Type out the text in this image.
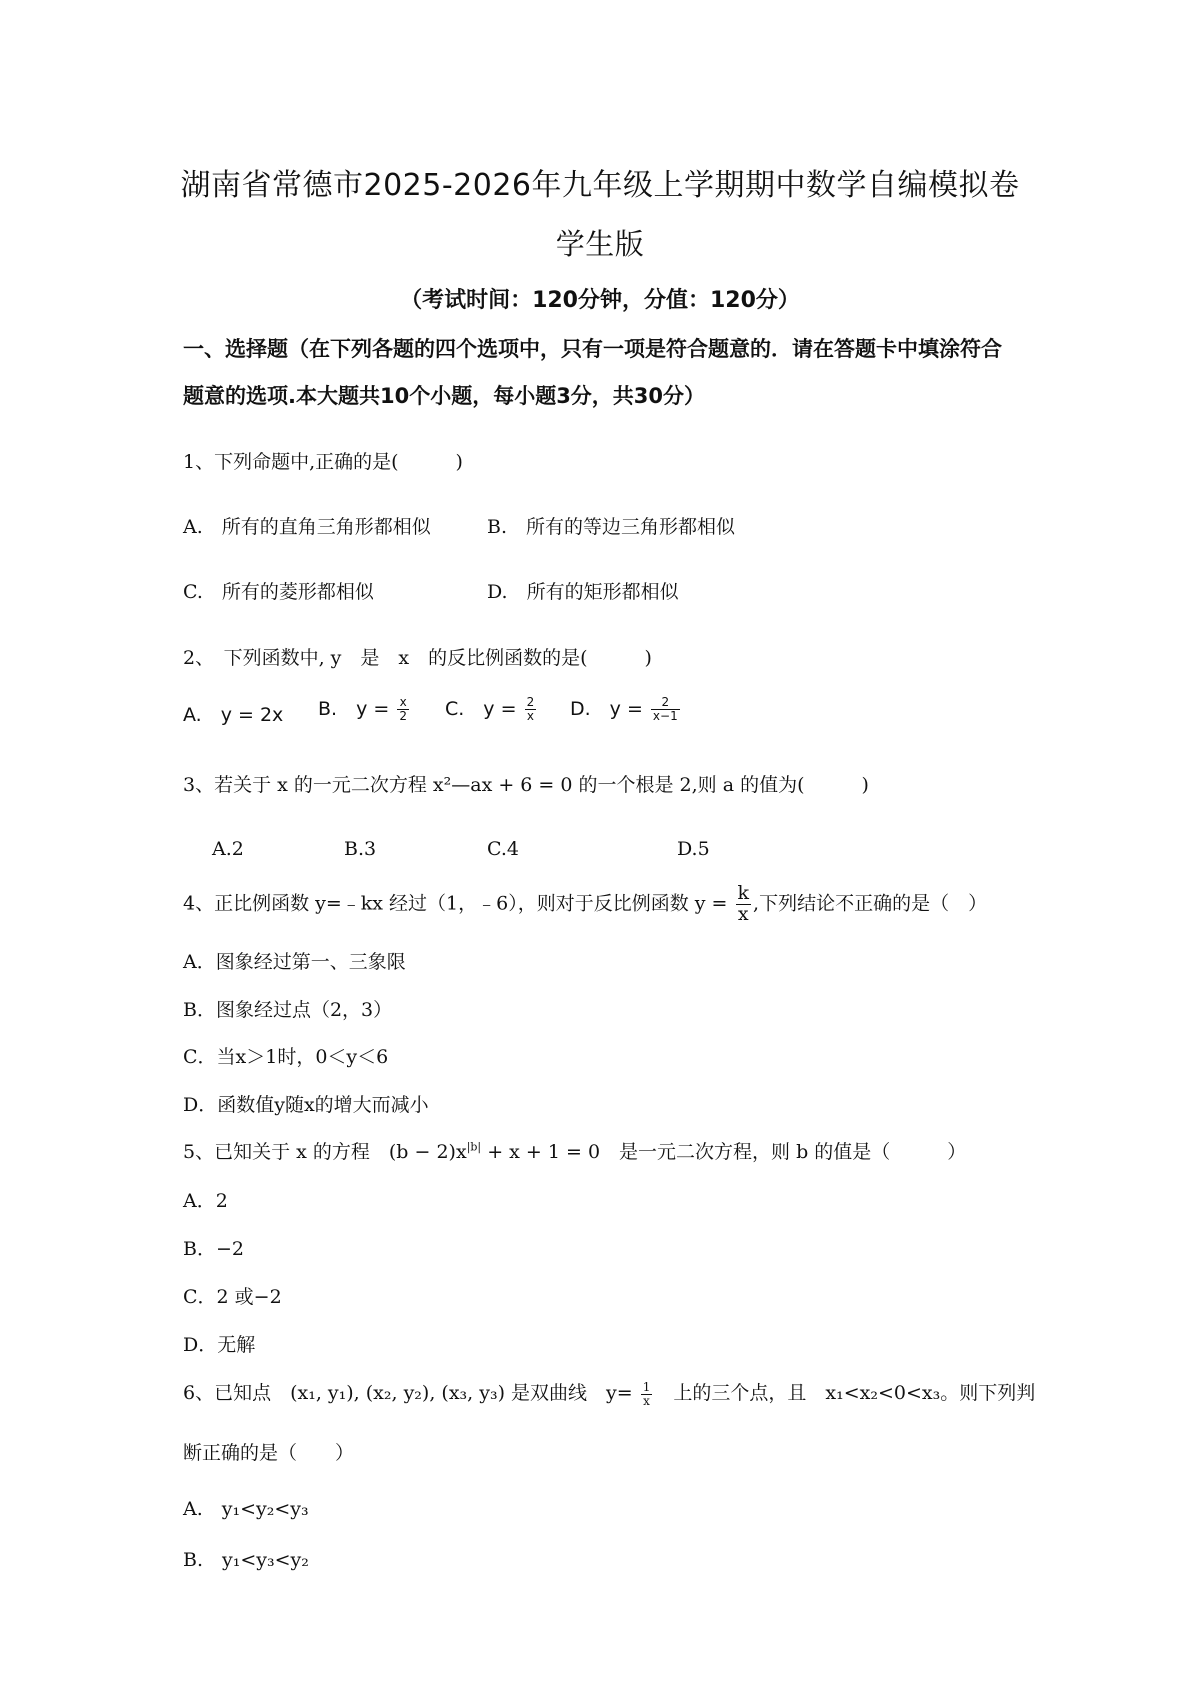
湖南省常德市2025-2026年九年级上学期期中数学自编模拟卷
学生版
（考试时间：120分钟，分值：120分）
一、选择题（在下列各题的四个选项中，只有一项是符合题意的．请在答题卡中填涂符合
题意的选项.本大题共10个小题，每小题3分，共30分）
1、下列命题中,正确的是(　　　)
A.　所有的直角三角形都相似	B.　所有的等边三角形都相似
C.　所有的菱形都相似	D.　所有的矩形都相似
2、　下列函数中, y　是　x　的反比例函数的是(　　　)
A.　y = 2x B.　$y = \frac{x}{2} C$.　$y = \frac{2}{x} D$.　$y = \frac{2}{x-1}$
3、若关于 x 的一元二次方程 x²—ax + 6 = 0 的一个根是 2,则 a 的值为(　　　)
A.2	B.3	C.4	D.5
4、正比例函数 y=﹣kx 经过（1，﹣6），则对于反比例函数 $y = \frac{k}{x}$ ,下列结论不正确的是（　）
A．图象经过第一、三象限
B．图象经过点（2，3）
C．当x＞1时，0＜y＜6
D．函数值y随x的增大而减小
5、已知关于 x 的方程　$(b - 2)x^{|b|} + x + 1 = 0$　是一元二次方程，则 b 的值是（　　　）
A．2
B．−2
C．2 或−2
D．无解
6、已知点　(x₁, y₁), (x₂, y₂), (x₃, y₃) 是双曲线　$y= \frac{1}{x}$ 　上的三个点，且　x₁<x₂<0<x₃。则下列判
断正确的是（　　）
A.　y₁<y₂<y₃
B.　y₁<y₃<y₂
